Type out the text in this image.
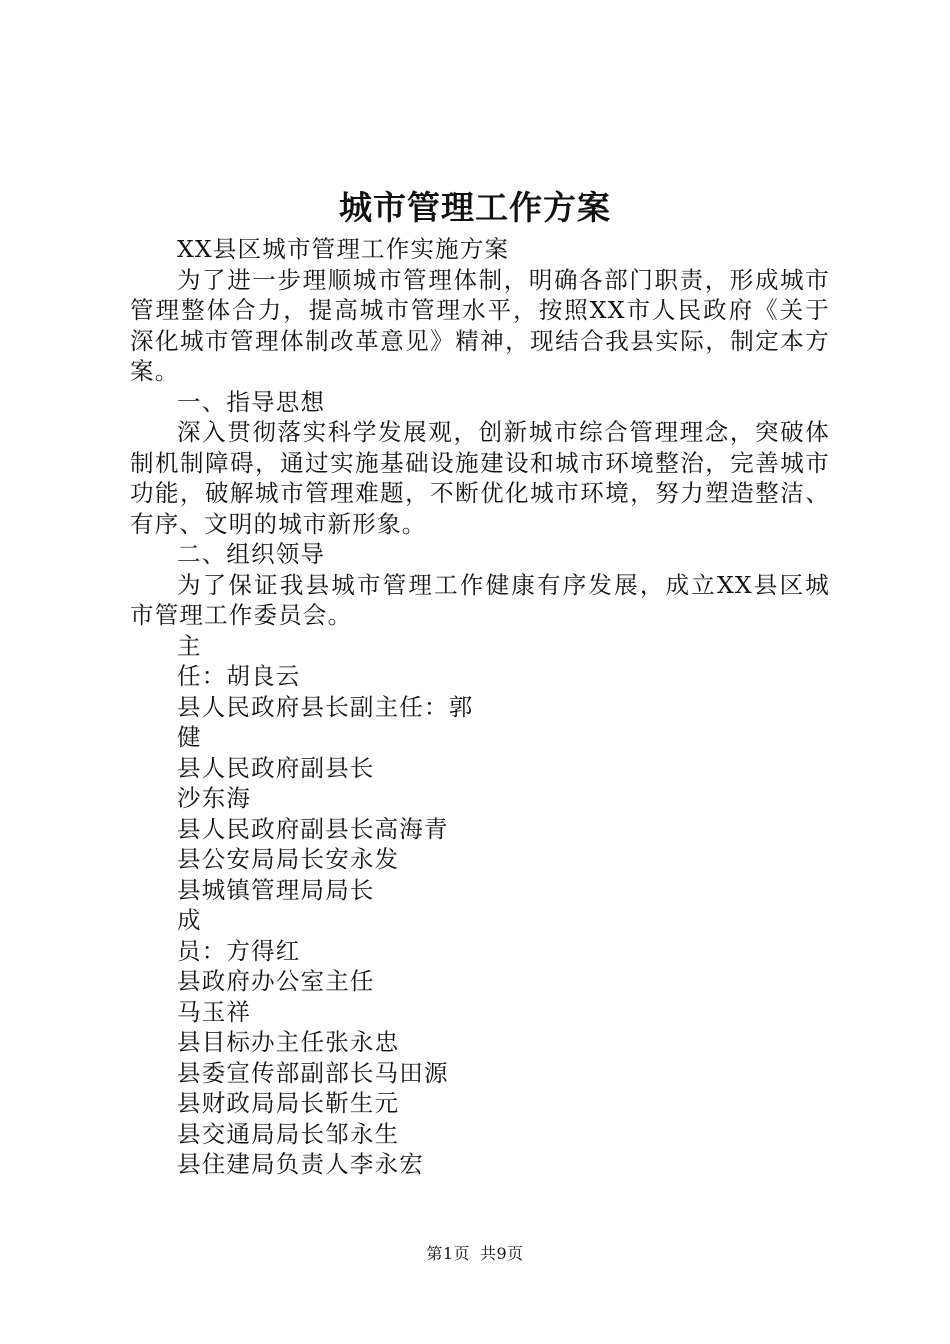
城市管理工作方案

XX县区城市管理工作实施方案

为了进一步理顺城市管理体制，明确各部门职责，形成城市管理整体合力，提高城市管理水平，按照XX市人民政府《关于深化城市管理体制改革意见》精神，现结合我县实际，制定本方案。

一、指导思想

深入贯彻落实科学发展观，创新城市综合管理理念，突破体制机制障碍，通过实施基础设施建设和城市环境整治，完善城市功能，破解城市管理难题，不断优化城市环境，努力塑造整洁、有序、文明的城市新形象。

二、组织领导

为了保证我县城市管理工作健康有序发展，成立XX县区城市管理工作委员会。

主

任：胡良云

县人民政府县长副主任：郭

健

县人民政府副县长

沙东海

县人民政府副县长高海青

县公安局局长安永发

县城镇管理局局长

成

员：方得红

县政府办公室主任

马玉祥

县目标办主任张永忠

县委宣传部副部长马田源

县财政局局长靳生元

县交通局局长邹永生

县住建局负责人李永宏

第1页 共9页
